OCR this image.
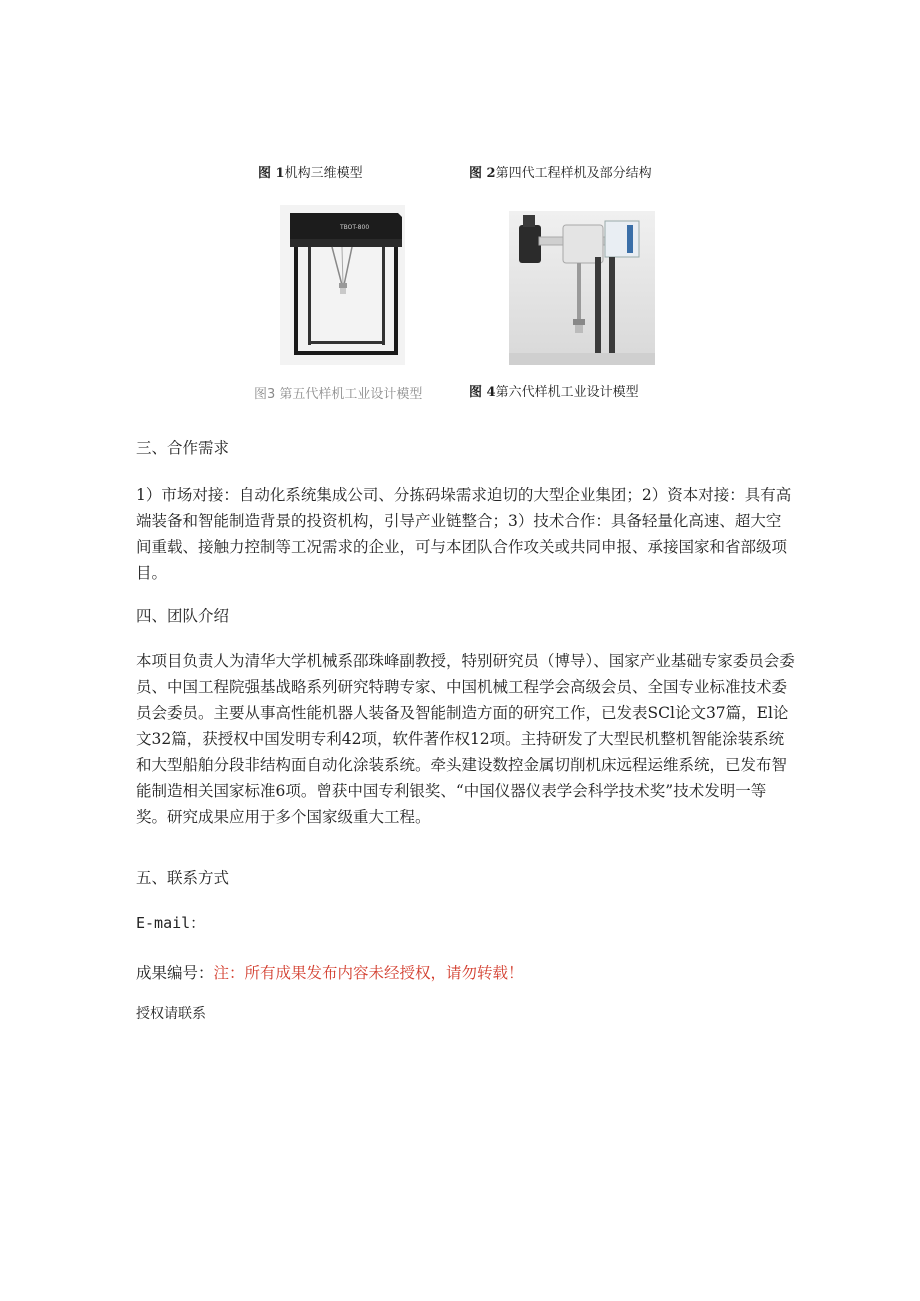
图 1机构三维模型	图 2第四代工程样机及部分结构
TBOT-800
图3 第五代样机工业设计模型	图 4第六代样机工业设计模型
三、合作需求
1）市场对接：自动化系统集成公司、分拣码垛需求迫切的大型企业集团；2）资本对接：具有高端装备和智能制造背景的投资机构，引导产业链整合；3）技术合作：具备轻量化高速、超大空间重载、接触力控制等工况需求的企业，可与本团队合作攻关或共同申报、承接国家和省部级项目。
四、团队介绍
本项目负责人为清华大学机械系邵珠峰副教授，特别研究员（博导）、国家产业基础专家委员会委员、中国工程院强基战略系列研究特聘专家、中国机械工程学会高级会员、全国专业标准技术委员会委员。主要从事高性能机器人装备及智能制造方面的研究工作，已发表SCl论文37篇，El论文32篇，获授权中国发明专利42项，软件著作权12项。主持研发了大型民机整机智能涂装系统和大型船舶分段非结构面自动化涂装系统。牵头建设数控金属切削机床远程运维系统，已发布智能制造相关国家标准6项。曾获中国专利银奖、“中国仪器仪表学会科学技术奖”技术发明一等奖。研究成果应用于多个国家级重大工程。
五、联系方式
E-mail：
成果编号：注：所有成果发布内容未经授权，请勿转载！
授权请联系
